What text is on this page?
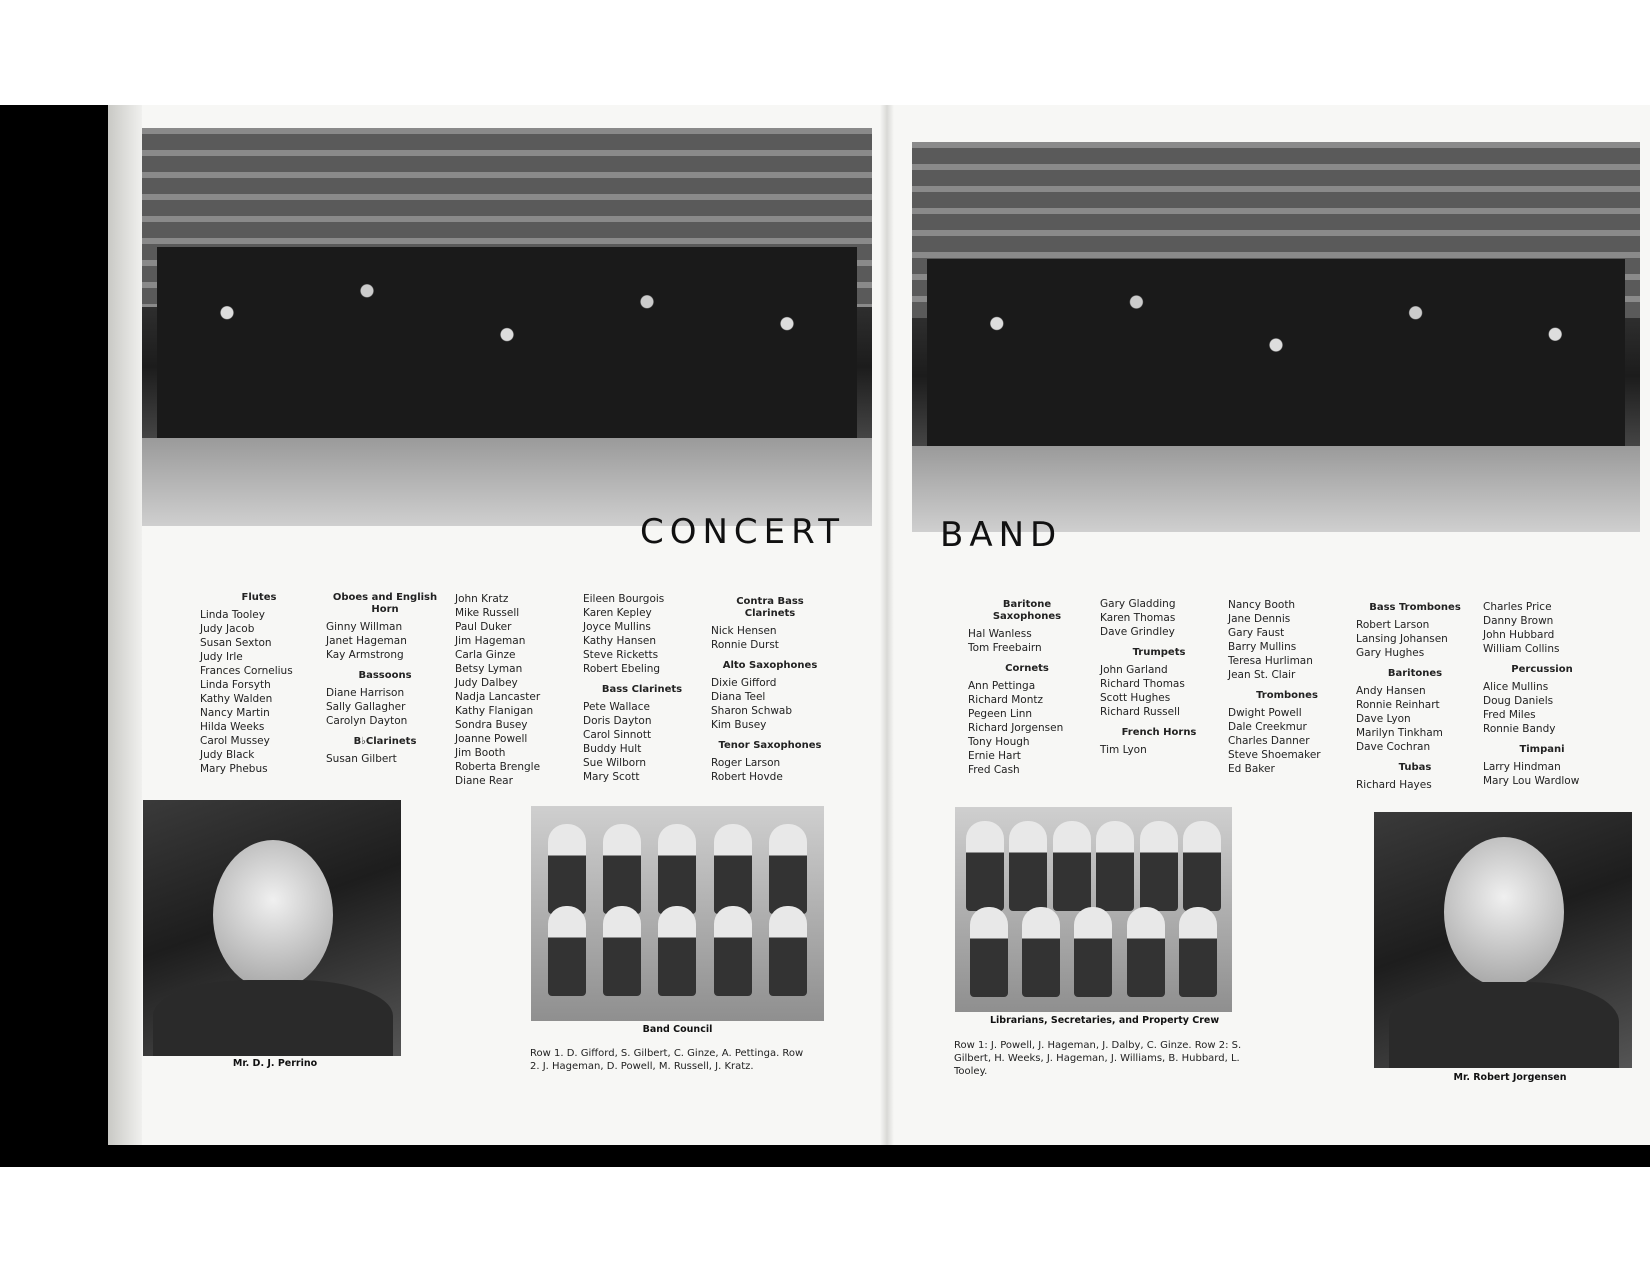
CONCERT	BAND
Flutes
Linda Tooley
Judy Jacob
Susan Sexton
Judy Irle
Frances Cornelius
Linda Forsyth
Kathy Walden
Nancy Martin
Hilda Weeks
Carol Mussey
Judy Black
Mary Phebus
Oboes and English Horn
Ginny Willman
Janet Hageman
Kay Armstrong
Bassoons
Diane Harrison
Sally Gallagher
Carolyn Dayton
B♭Clarinets
Susan Gilbert
John Kratz
Mike Russell
Paul Duker
Jim Hageman
Carla Ginze
Betsy Lyman
Judy Dalbey
Nadja Lancaster
Kathy Flanigan
Sondra Busey
Joanne Powell
Jim Booth
Roberta Brengle
Diane Rear
Eileen Bourgois
Karen Kepley
Joyce Mullins
Kathy Hansen
Steve Ricketts
Robert Ebeling
Bass Clarinets
Pete Wallace
Doris Dayton
Carol Sinnott
Buddy Hult
Sue Wilborn
Mary Scott
Contra Bass Clarinets
Nick Hensen
Ronnie Durst
Alto Saxophones
Dixie Gifford
Diana Teel
Sharon Schwab
Kim Busey
Tenor Saxophones
Roger Larson
Robert Hovde
Baritone Saxophones
Hal Wanless
Tom Freebairn
Cornets
Ann Pettinga
Richard Montz
Pegeen Linn
Richard Jorgensen
Tony Hough
Ernie Hart
Fred Cash
Gary Gladding
Karen Thomas
Dave Grindley
Trumpets
John Garland
Richard Thomas
Scott Hughes
Richard Russell
French Horns
Tim Lyon
Nancy Booth
Jane Dennis
Gary Faust
Barry Mullins
Teresa Hurliman
Jean St. Clair
Trombones
Dwight Powell
Dale Creekmur
Charles Danner
Steve Shoemaker
Ed Baker
Bass Trombones
Robert Larson
Lansing Johansen
Gary Hughes
Baritones
Andy Hansen
Ronnie Reinhart
Dave Lyon
Marilyn Tinkham
Dave Cochran
Tubas
Richard Hayes
Charles Price
Danny Brown
John Hubbard
William Collins
Percussion
Alice Mullins
Doug Daniels
Fred Miles
Ronnie Bandy
Timpani
Larry Hindman
Mary Lou Wardlow
Mr. D. J. Perrino
Band Council
Row 1. D. Gifford, S. Gilbert, C. Ginze, A. Pettinga. Row 2. J. Hageman, D. Powell, M. Russell, J. Kratz.
Librarians, Secretaries, and Property Crew
Row 1: J. Powell, J. Hageman, J. Dalby, C. Ginze. Row 2: S. Gilbert, H. Weeks, J. Hageman, J. Williams, B. Hubbard, L. Tooley.
Mr. Robert Jorgensen
